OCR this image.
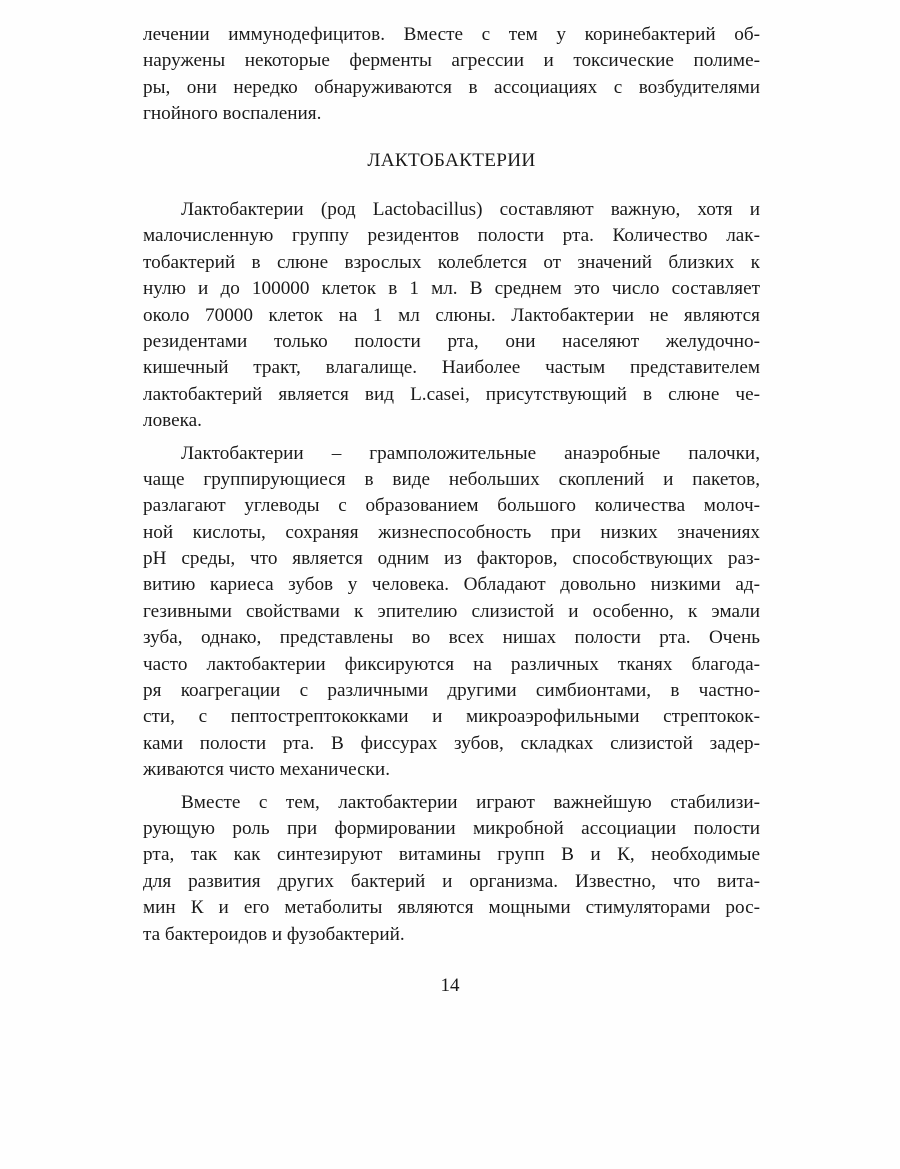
лечении иммунодефицитов. Вместе с тем у коринебактерий об-
наружены некоторые ферменты агрессии и токсические полиме-
ры, они нередко обнаруживаются в ассоциациях с возбудителями
гнойного воспаления.
ЛАКТОБАКТЕРИИ
Лактобактерии (род Lactobacillus) составляют важную, хотя и
малочисленную группу резидентов полости рта. Количество лак-
тобактерий в слюне взрослых колеблется от значений близких к
нулю и до 100000 клеток в 1 мл. В среднем это число составляет
около 70000 клеток на 1 мл слюны. Лактобактерии не являются
резидентами только полости рта, они населяют желудочно-
кишечный тракт, влагалище. Наиболее частым представителем
лактобактерий является вид L.casei, присутствующий в слюне че-
ловека.
Лактобактерии – грамположительные анаэробные палочки,
чаще группирующиеся в виде небольших скоплений и пакетов,
разлагают углеводы с образованием большого количества молоч-
ной кислоты, сохраняя жизнеспособность при низких значениях
pH среды, что является одним из факторов, способствующих раз-
витию кариеса зубов у человека. Обладают довольно низкими ад-
гезивными свойствами к эпителию слизистой и особенно, к эмали
зуба, однако, представлены во всех нишах полости рта. Очень
часто лактобактерии фиксируются на различных тканях благода-
ря коагрегации с различными другими симбионтами, в частно-
сти, с пептострептококками и микроаэрофильными стрептокок-
ками полости рта. В фиссурах зубов, складках слизистой задер-
живаются чисто механически.
Вместе с тем, лактобактерии играют важнейшую стабилизи-
рующую роль при формировании микробной ассоциации полости
рта, так как синтезируют витамины групп В и К, необходимые
для развития других бактерий и организма. Известно, что вита-
мин К и его метаболиты являются мощными стимуляторами рос-
та бактероидов и фузобактерий.
14
